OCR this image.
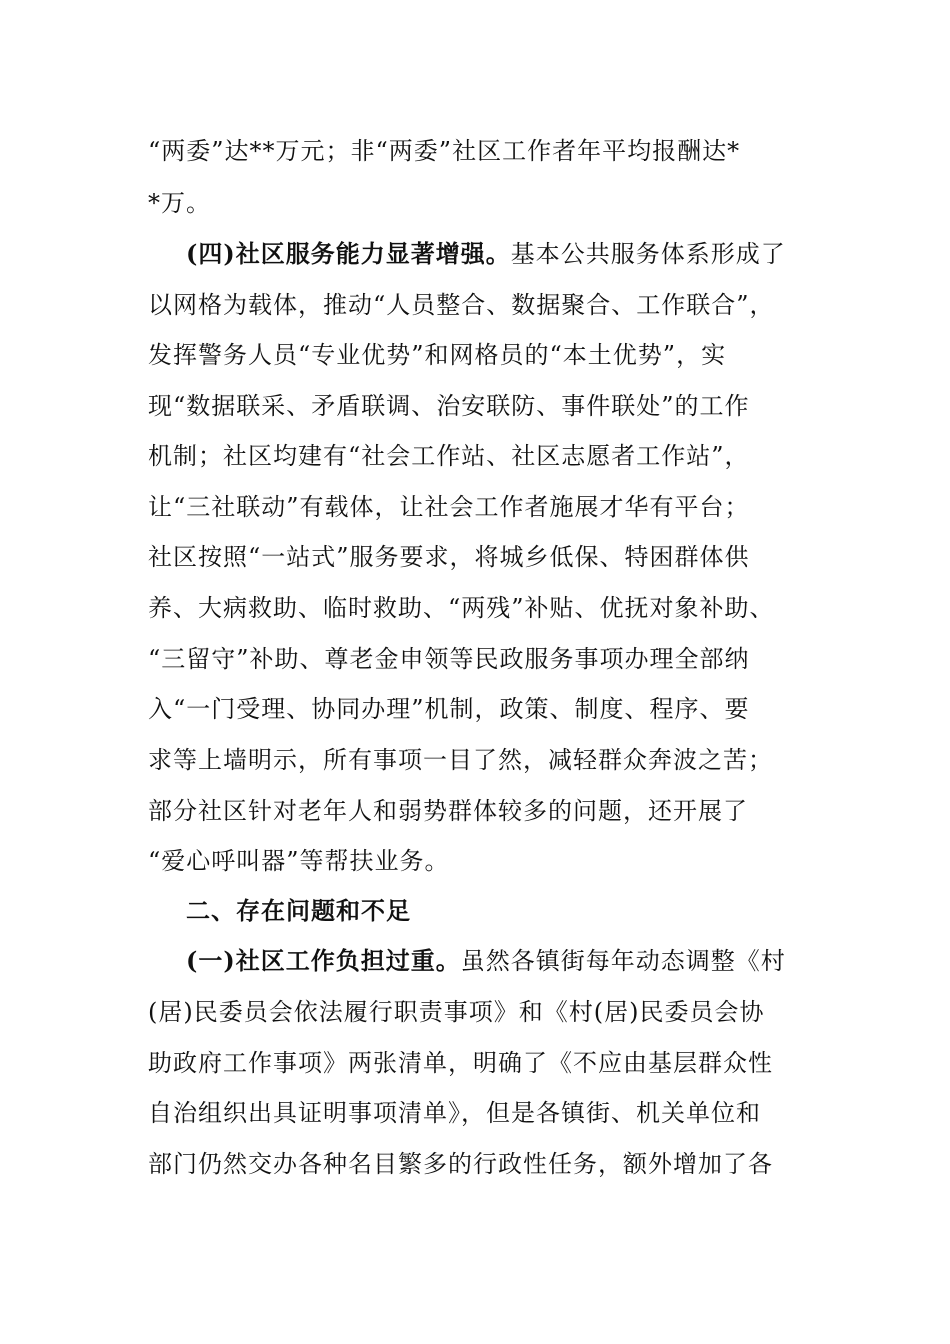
“两委”达**万元；非“两委”社区工作者年平均报酬达*
*万。
(四)社区服务能力显著增强。基本公共服务体系形成了
以网格为载体，推动“人员整合、数据聚合、工作联合”，
发挥警务人员“专业优势”和网格员的“本土优势”，实
现“数据联采、矛盾联调、治安联防、事件联处”的工作
机制；社区均建有“社会工作站、社区志愿者工作站”，
让“三社联动”有载体，让社会工作者施展才华有平台；
社区按照“一站式”服务要求，将城乡低保、特困群体供
养、大病救助、临时救助、“两残”补贴、优抚对象补助、
“三留守”补助、尊老金申领等民政服务事项办理全部纳
入“一门受理、协同办理”机制，政策、制度、程序、要
求等上墙明示，所有事项一目了然，减轻群众奔波之苦；
部分社区针对老年人和弱势群体较多的问题，还开展了
“爱心呼叫器”等帮扶业务。
二、存在问题和不足
(一)社区工作负担过重。虽然各镇街每年动态调整《村
(居)民委员会依法履行职责事项》和《村(居)民委员会协
助政府工作事项》两张清单，明确了《不应由基层群众性
自治组织出具证明事项清单》，但是各镇街、机关单位和
部门仍然交办各种名目繁多的行政性任务，额外增加了各
